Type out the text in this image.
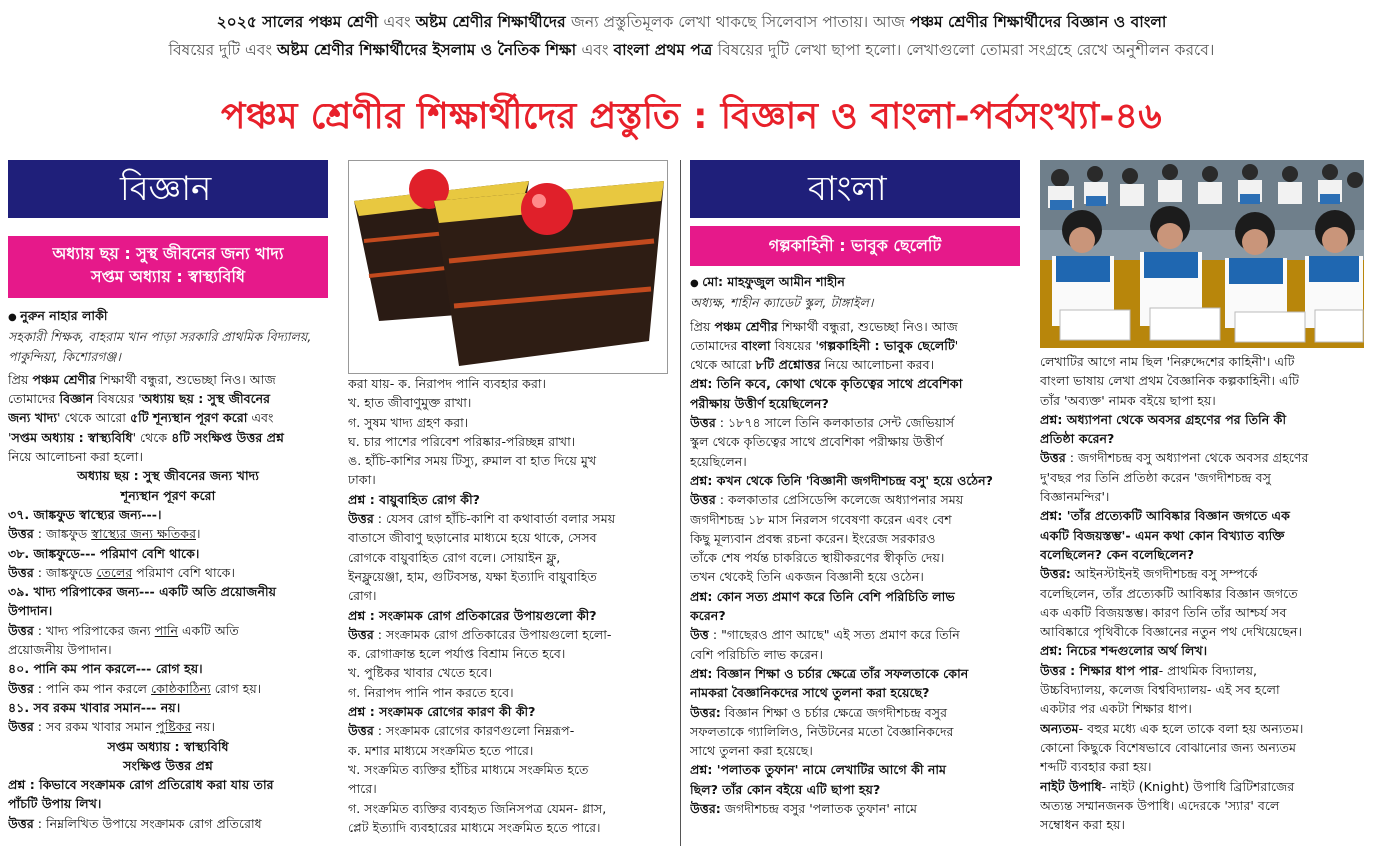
২০২৫ সালের পঞ্চম শ্রেণী এবং অষ্টম শ্রেণীর শিক্ষার্থীদের জন্য প্রস্তুতিমূলক লেখা থাকছে সিলেবাস পাতায়। আজ পঞ্চম শ্রেণীর শিক্ষার্থীদের বিজ্ঞান ও বাংলা
বিষয়ের দুটি এবং অষ্টম শ্রেণীর শিক্ষার্থীদের ইসলাম ও নৈতিক শিক্ষা এবং বাংলা প্রথম পত্র বিষয়ের দুটি লেখা ছাপা হলো। লেখাগুলো তোমরা সংগ্রহে রেখে অনুশীলন করবে।
পঞ্চম শ্রেণীর শিক্ষার্থীদের প্রস্তুতি : বিজ্ঞান ও বাংলা-পর্বসংখ্যা-৪৬
বিজ্ঞান
অধ্যায় ছয় : সুস্থ জীবনের জন্য খাদ্য
সপ্তম অধ্যায় : স্বাস্থ্যবিধি

● নুরুন নাহার লাকী

সহকারী শিক্ষক, বাহরাম খান পাড়া সরকারি প্রাথমিক বিদ্যালয়, পাকুন্দিয়া, কিশোরগঞ্জ।

প্রিয় পঞ্চম শ্রেণীর শিক্ষার্থী বন্ধুরা, শুভেচ্ছা নিও। আজ

তোমাদের বিজ্ঞান বিষয়ের 'অধ্যায় ছয় : সুস্থ জীবনের

জন্য খাদ্য' থেকে আরো ৫টি শূন্যস্থান পূরণ করো এবং

'সপ্তম অধ্যায় : স্বাস্থ্যবিধি' থেকে ৪টি সংক্ষিপ্ত উত্তর প্রশ্ন

নিয়ে আলোচনা করা হলো।

অধ্যায় ছয় : সুস্থ জীবনের জন্য খাদ্য

শূন্যস্থান পূরণ করো

৩৭. জাঙ্কফুড স্বাস্থ্যের জন্য---।

উত্তর : জাঙ্কফুড স্বাস্থ্যের জন্য ক্ষতিকর।

৩৮. জাঙ্কফুডে--- পরিমাণ বেশি থাকে।

উত্তর : জাঙ্কফুডে তেলের পরিমাণ বেশি থাকে।

৩৯. খাদ্য পরিপাকের জন্য--- একটি অতি প্রয়োজনীয়

উপাদান।

উত্তর : খাদ্য পরিপাকের জন্য পানি একটি অতি

প্রয়োজনীয় উপাদান।

৪০. পানি কম পান করলে--- রোগ হয়।

উত্তর : পানি কম পান করলে কোষ্ঠকাঠিন্য রোগ হয়।

৪১. সব রকম খাবার সমান--- নয়।

উত্তর : সব রকম খাবার সমান পুষ্টিকর নয়।

সপ্তম অধ্যায় : স্বাস্থ্যবিধি

সংক্ষিপ্ত উত্তর প্রশ্ন

প্রশ্ন : কিভাবে সংক্রামক রোগ প্রতিরোধ করা যায় তার

পাঁচটি উপায় লিখ।

উত্তর : নিম্নলিখিত উপায়ে সংক্রামক রোগ প্রতিরোধ

করা যায়- ক. নিরাপদ পানি ব্যবহার করা।

খ. হাত জীবাণুমুক্ত রাখা।

গ. সুষম খাদ্য গ্রহণ করা।

ঘ. চার পাশের পরিবেশ পরিষ্কার-পরিচ্ছন্ন রাখা।

ঙ. হাঁচি-কাশির সময় টিস্যু, রুমাল বা হাত দিয়ে মুখ

ঢাকা।

প্রশ্ন : বায়ুবাহিত রোগ কী?

উত্তর : যেসব রোগ হাঁচি-কাশি বা কথাবার্তা বলার সময়

বাতাসে জীবাণু ছড়ানোর মাধ্যমে হয়ে থাকে, সেসব

রোগকে বায়ুবাহিত রোগ বলে। সোয়াইন ফ্লু,

ইনফ্লুয়েঞ্জা, হাম, গুটিবসন্ত, যক্ষা ইত্যাদি বায়ুবাহিত

রোগ।

প্রশ্ন : সংক্রামক রোগ প্রতিকারের উপায়গুলো কী?

উত্তর : সংক্রামক রোগ প্রতিকারের উপায়গুলো হলো-

ক. রোগাক্রান্ত হলে পর্যাপ্ত বিশ্রাম নিতে হবে।

খ. পুষ্টিকর খাবার খেতে হবে।

গ. নিরাপদ পানি পান করতে হবে।

প্রশ্ন : সংক্রামক রোগের কারণ কী কী?

উত্তর : সংক্রামক রোগের কারণগুলো নিম্নরূপ-

ক. মশার মাধ্যমে সংক্রমিত হতে পারে।

খ. সংক্রমিত ব্যক্তির হাঁচির মাধ্যমে সংক্রমিত হতে

পারে।

গ. সংক্রমিত ব্যক্তির ব্যবহৃত জিনিসপত্র যেমন- গ্লাস,

প্লেট ইত্যাদি ব্যবহারের মাধ্যমে সংক্রমিত হতে পারে।

বাংলা
গল্পকাহিনী : ভাবুক ছেলেটি

● মো: মাহফুজুল আমীন শাহীন

অধ্যক্ষ, শাহীন ক্যাডেট স্কুল, টাঙ্গাইল।

প্রিয় পঞ্চম শ্রেণীর শিক্ষার্থী বন্ধুরা, শুভেচ্ছা নিও। আজ

তোমাদের বাংলা বিষয়ের 'গল্পকাহিনী : ভাবুক ছেলেটি'

থেকে আরো ৮টি প্রশ্নোত্তর নিয়ে আলোচনা করব।

প্রশ্ন: তিনি কবে, কোথা থেকে কৃতিত্বের সাথে প্রবেশিকা

পরীক্ষায় উত্তীর্ণ হয়েছিলেন?

উত্তর : ১৮৭৪ সালে তিনি কলকাতার সেন্ট জেভিয়ার্স

স্কুল থেকে কৃতিত্বের সাথে প্রবেশিকা পরীক্ষায় উত্তীর্ণ

হয়েছিলেন।

প্রশ্ন: কখন থেকে তিনি 'বিজ্ঞানী জগদীশচন্দ্র বসু' হয়ে ওঠেন?

উত্তর : কলকাতার প্রেসিডেন্সি কলেজে অধ্যাপনার সময়

জগদীশচন্দ্র ১৮ মাস নিরলস গবেষণা করেন এবং বেশ

কিছু মূল্যবান প্রবন্ধ রচনা করেন। ইংরেজ সরকারও

তাঁকে শেষ পর্যন্ত চাকরিতে স্থায়ীকরণের স্বীকৃতি দেয়।

তখন থেকেই তিনি একজন বিজ্ঞানী হয়ে ওঠেন।

প্রশ্ন: কোন সত্য প্রমাণ করে তিনি বেশি পরিচিতি লাভ

করেন?

উত্ত : "গাছেরও প্রাণ আছে" এই সত্য প্রমাণ করে তিনি

বেশি পরিচিতি লাভ করেন।

প্রশ্ন: বিজ্ঞান শিক্ষা ও চর্চার ক্ষেত্রে তাঁর সফলতাকে কোন

নামকরা বৈজ্ঞানিকদের সাথে তুলনা করা হয়েছে?

উত্তর: বিজ্ঞান শিক্ষা ও চর্চার ক্ষেত্রে জগদীশচন্দ্র বসুর

সফলতাকে গ্যালিলিও, নিউটনের মতো বৈজ্ঞানিকদের

সাথে তুলনা করা হয়েছে।

প্রশ্ন: 'পলাতক তুফান' নামে লেখাটির আগে কী নাম

ছিল? তাঁর কোন বইয়ে এটি ছাপা হয়?

উত্তর: জগদীশচন্দ্র বসুর 'পলাতক তুফান' নামে

লেখাটির আগে নাম ছিল 'নিরুদ্দেশের কাহিনী'। এটি

বাংলা ভাষায় লেখা প্রথম বৈজ্ঞানিক কল্পকাহিনী। এটি

তাঁর 'অব্যক্ত' নামক বইয়ে ছাপা হয়।

প্রশ্ন: অধ্যাপনা থেকে অবসর গ্রহণের পর তিনি কী

প্রতিষ্ঠা করেন?

উত্তর : জগদীশচন্দ্র বসু অধ্যাপনা থেকে অবসর গ্রহণের

দু'বছর পর তিনি প্রতিষ্ঠা করেন 'জগদীশচন্দ্র বসু

বিজ্ঞানমন্দির'।

প্রশ্ন: 'তাঁর প্রত্যেকটি আবিষ্কার বিজ্ঞান জগতে এক

একটি বিজয়স্তম্ভ'- এমন কথা কোন বিখ্যাত ব্যক্তি

বলেছিলেন? কেন বলেছিলেন?

উত্তর: আইনস্টাইনই জগদীশচন্দ্র বসু সম্পর্কে

বলেছিলেন, তাঁর প্রত্যেকটি আবিষ্কার বিজ্ঞান জগতে

এক একটি বিজয়স্তম্ভ। কারণ তিনি তাঁর আশ্চর্য সব

আবিষ্কারে পৃথিবীকে বিজ্ঞানের নতুন পথ দেখিয়েছেন।

প্রশ্ন: নিচের শব্দগুলোর অর্থ লিখ।

উত্তর : শিক্ষার ধাপ পার- প্রাথমিক বিদ্যালয়,

উচ্চবিদ্যালয়, কলেজ বিশ্ববিদ্যালয়- এই সব হলো

একটার পর একটা শিক্ষার ধাপ।

অন্যতম- বহুর মধ্যে এক হলে তাকে বলা হয় অন্যতম।

কোনো কিছুকে বিশেষভাবে বোঝানোর জন্য অন্যতম

শব্দটি ব্যবহার করা হয়।

নাইট উপাধি- নাইট (Knight) উপাধি ব্রিটিশরাজের

অত্যন্ত সম্মানজনক উপাধি। এদেরকে 'স্যার' বলে

সম্বোধন করা হয়।
